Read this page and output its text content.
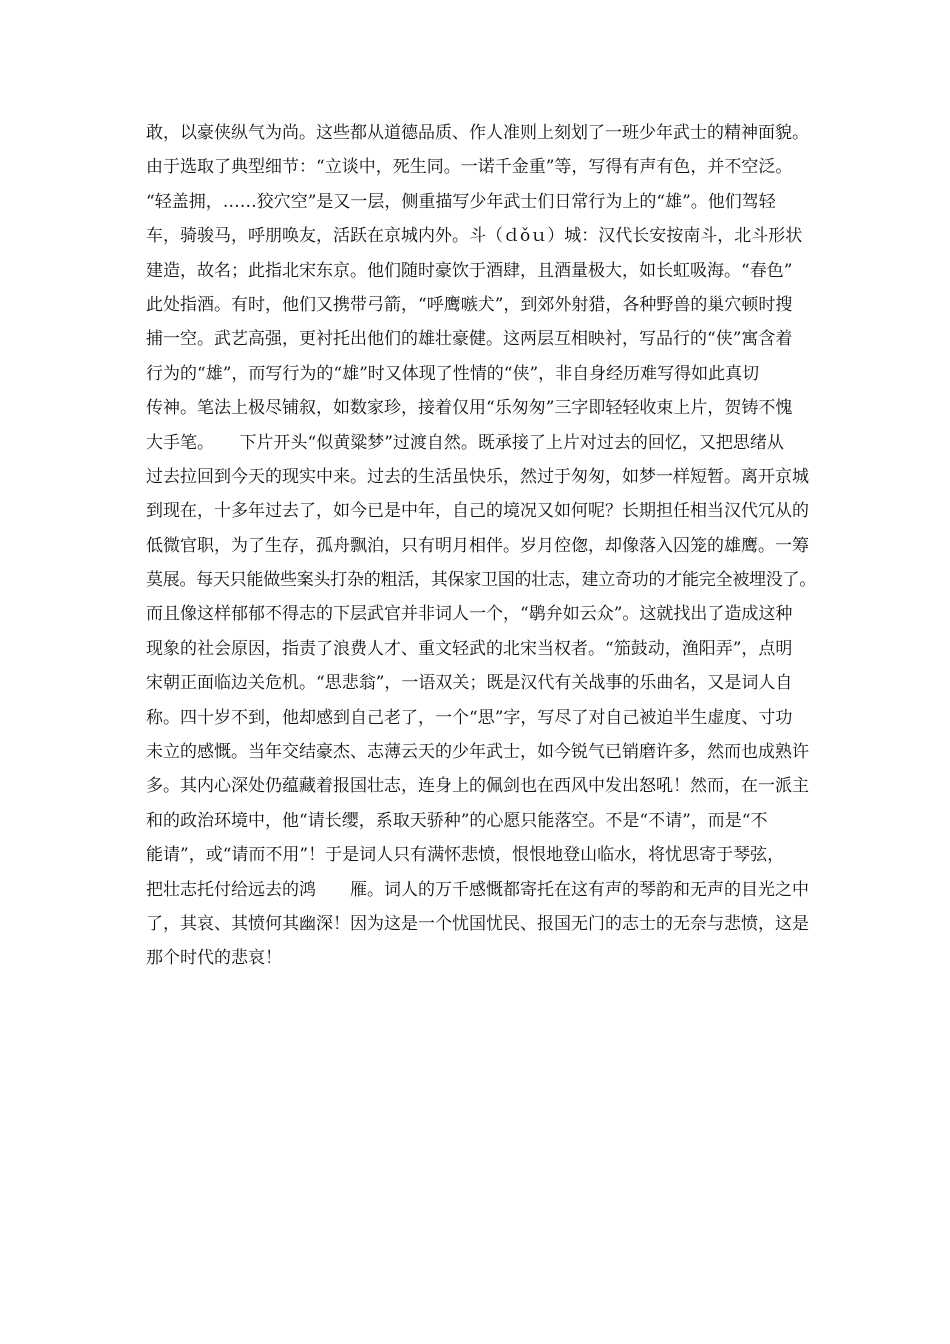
敢，以豪侠纵气为尚。这些都从道德品质、作人准则上刻划了一班少年武士的精神面貌。
由于选取了典型细节：“立谈中，死生同。一诺千金重”等，写得有声有色，并不空泛。
“轻盖拥，……狡穴空”是又一层，侧重描写少年武士们日常行为上的“雄”。他们驾轻
车，骑骏马，呼朋唤友，活跃在京城内外。斗（ｄǒｕ）城：汉代长安按南斗，北斗形状
建造，故名；此指北宋东京。他们随时豪饮于酒肆，且酒量极大，如长虹吸海。“春色”
此处指酒。有时，他们又携带弓箭，“呼鹰嗾犬”，到郊外射猎，各种野兽的巢穴顿时搜
捕一空。武艺高强，更衬托出他们的雄壮豪健。这两层互相映衬，写品行的“侠”寓含着
行为的“雄”，而写行为的“雄”时又体现了性情的“侠”，非自身经历难写得如此真切
传神。笔法上极尽铺叙，如数家珍，接着仅用“乐匆匆”三字即轻轻收束上片，贺铸不愧
大手笔。　　下片开头“似黄粱梦”过渡自然。既承接了上片对过去的回忆，又把思绪从
过去拉回到今天的现实中来。过去的生活虽快乐，然过于匆匆，如梦一样短暂。离开京城
到现在，十多年过去了，如今已是中年，自己的境况又如何呢？长期担任相当汉代冗从的
低微官职，为了生存，孤舟飘泊，只有明月相伴。岁月倥偬，却像落入囚笼的雄鹰。一筹
莫展。每天只能做些案头打杂的粗活，其保家卫国的壮志，建立奇功的才能完全被埋没了。
而且像这样郁郁不得志的下层武官并非词人一个，“鹖弁如云众”。这就找出了造成这种
现象的社会原因，指责了浪费人才、重文轻武的北宋当权者。“笳鼓动，渔阳弄”，点明
宋朝正面临边关危机。“思悲翁”，一语双关；既是汉代有关战事的乐曲名，又是词人自
称。四十岁不到，他却感到自己老了，一个“思”字，写尽了对自己被迫半生虚度、寸功
未立的感慨。当年交结豪杰、志薄云天的少年武士，如今锐气已销磨许多，然而也成熟许
多。其内心深处仍蕴藏着报国壮志，连身上的佩剑也在西风中发出怒吼！然而，在一派主
和的政治环境中，他“请长缨，系取天骄种”的心愿只能落空。不是“不请”，而是“不
能请”，或“请而不用”！于是词人只有满怀悲愤，恨恨地登山临水，将忧思寄于琴弦，
把壮志托付给远去的鸿　　雁。词人的万千感慨都寄托在这有声的琴韵和无声的目光之中
了，其哀、其愤何其幽深！因为这是一个忧国忧民、报国无门的志士的无奈与悲愤，这是
那个时代的悲哀！
